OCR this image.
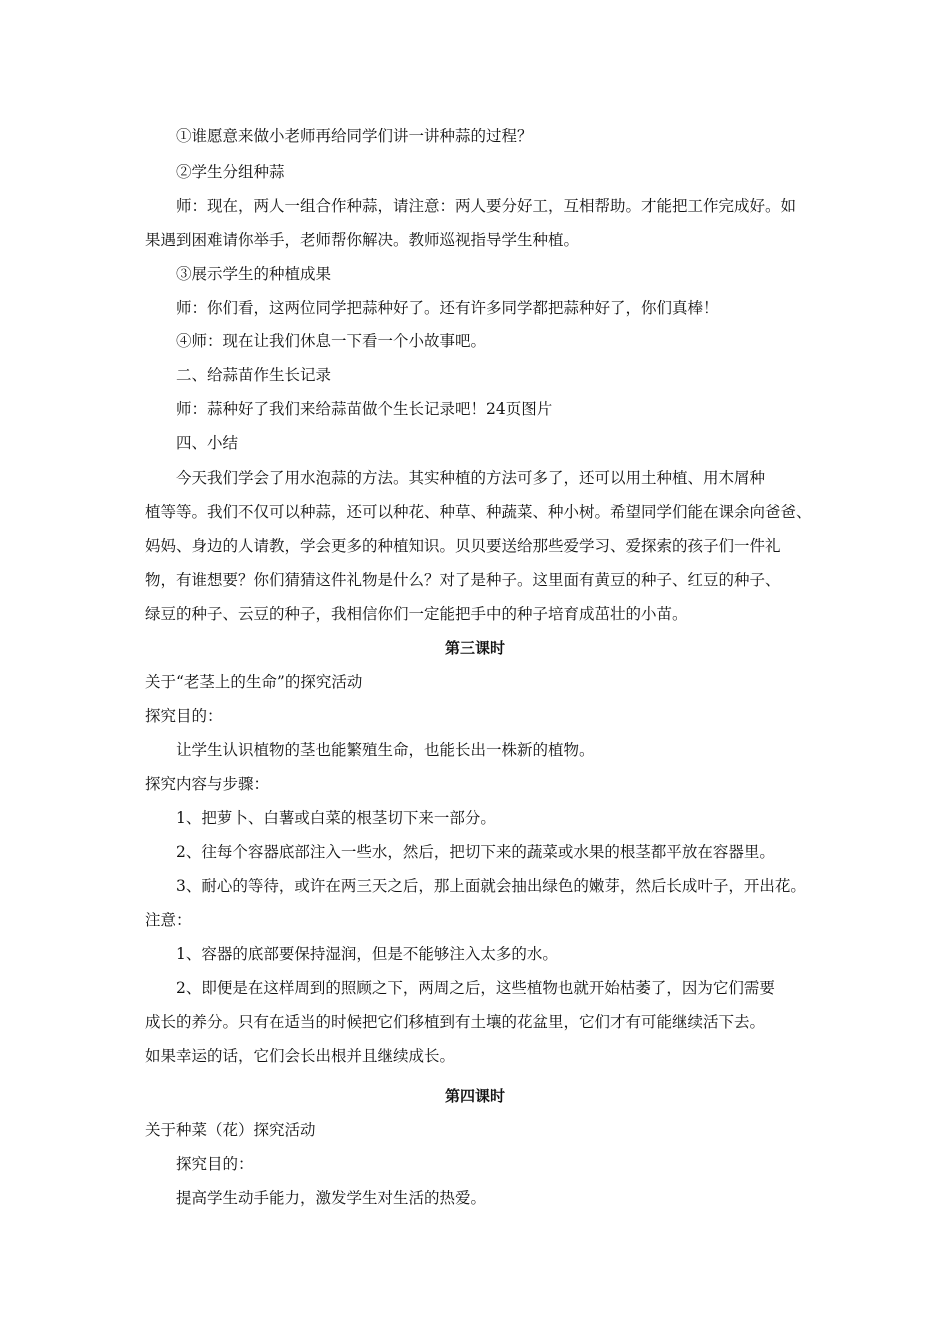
①谁愿意来做小老师再给同学们讲一讲种蒜的过程？

②学生分组种蒜

师：现在，两人一组合作种蒜，请注意：两人要分好工，互相帮助。才能把工作完成好。如

果遇到困难请你举手，老师帮你解决。教师巡视指导学生种植。

③展示学生的种植成果

师：你们看，这两位同学把蒜种好了。还有许多同学都把蒜种好了，你们真棒！

④师：现在让我们休息一下看一个小故事吧。

二、给蒜苗作生长记录

师：蒜种好了我们来给蒜苗做个生长记录吧！24页图片

四、小结

今天我们学会了用水泡蒜的方法。其实种植的方法可多了，还可以用土种植、用木屑种

植等等。我们不仅可以种蒜，还可以种花、种草、种蔬菜、种小树。希望同学们能在课余向爸爸、

妈妈、身边的人请教，学会更多的种植知识。贝贝要送给那些爱学习、爱探索的孩子们一件礼

物，有谁想要？你们猜猜这件礼物是什么？对了是种子。这里面有黄豆的种子、红豆的种子、

绿豆的种子、云豆的种子，我相信你们一定能把手中的种子培育成茁壮的小苗。

第三课时

关于“老茎上的生命”的探究活动

探究目的：

让学生认识植物的茎也能繁殖生命，也能长出一株新的植物。

探究内容与步骤：

1、把萝卜、白薯或白菜的根茎切下来一部分。

2、往每个容器底部注入一些水，然后，把切下来的蔬菜或水果的根茎都平放在容器里。

3、耐心的等待，或许在两三天之后，那上面就会抽出绿色的嫩芽，然后长成叶子，开出花。

注意：

1、容器的底部要保持湿润，但是不能够注入太多的水。

2、即便是在这样周到的照顾之下，两周之后，这些植物也就开始枯萎了，因为它们需要

成长的养分。只有在适当的时候把它们移植到有土壤的花盆里，它们才有可能继续活下去。

如果幸运的话，它们会长出根并且继续成长。

第四课时

关于种菜（花）探究活动

探究目的：

提高学生动手能力，激发学生对生活的热爱。
